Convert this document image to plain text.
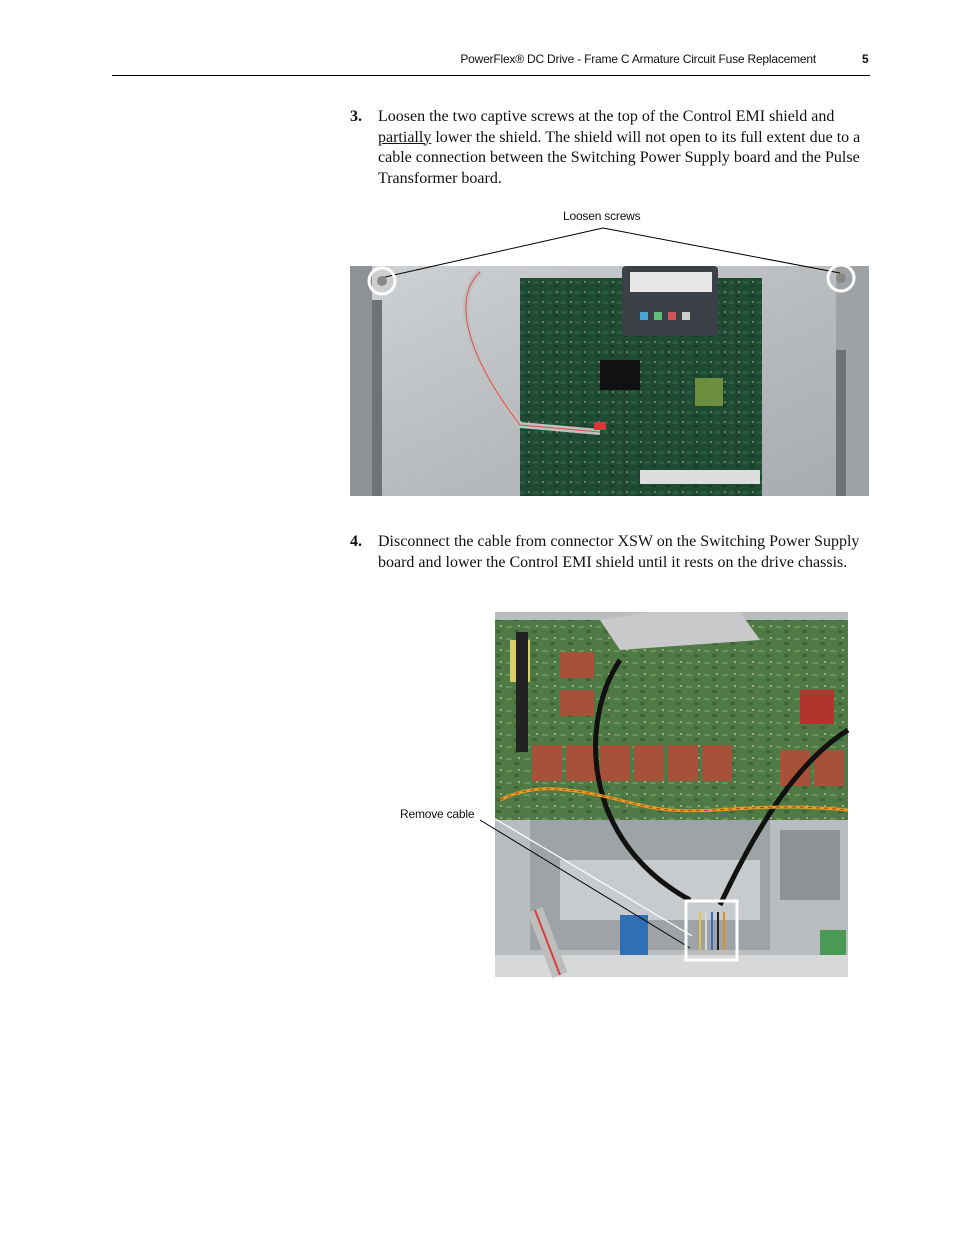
PowerFlex® DC Drive - Frame C Armature Circuit Fuse Replacement	5
3. Loosen the two captive screws at the top of the Control EMI shield and partially lower the shield. The shield will not open to its full extent due to a cable connection between the Switching Power Supply board and the Pulse Transformer board.
Loosen screws
4. Disconnect the cable from connector XSW on the Switching Power Supply board and lower the Control EMI shield until it rests on the drive chassis.
Remove cable
